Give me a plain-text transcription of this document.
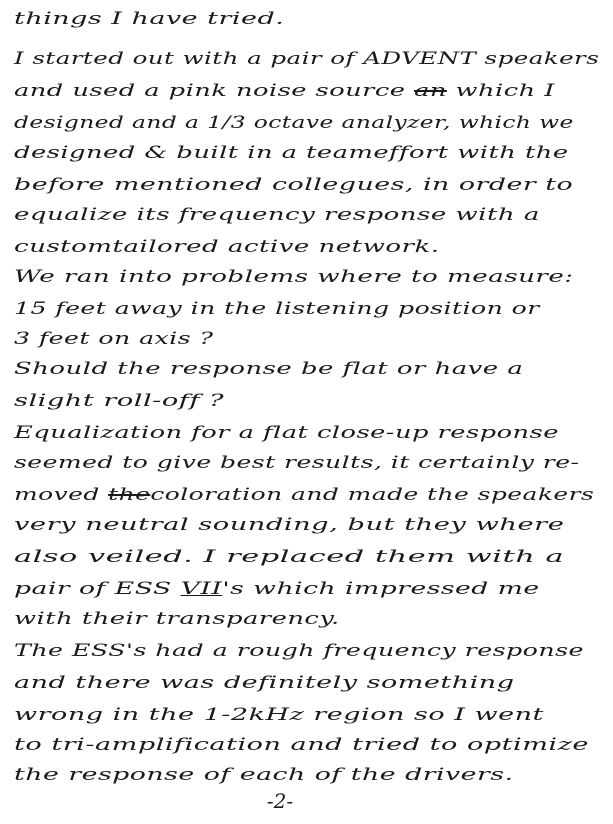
things I have tried.
I started out with a pair of ADVENT speakers
and used a pink noise source an which I
designed and a 1/3 octave analyzer, which we
designed & built in a teameffort with the
before mentioned collegues, in order to
equalize its frequency response with a
customtailored active network.
We ran into problems where to measure:
15 feet away in the listening position or
3 feet on axis ?
Should the response be flat or have a
slight roll-off ?
Equalization for a flat close-up response
seemed to give best results, it certainly re-
moved thecoloration and made the speakers
very neutral sounding, but they where
also veiled. I replaced them with a
pair of ESS VII's which impressed me
with their transparency.
The ESS's had a rough frequency response
and there was definitely something
wrong in the 1-2kHz region so I went
to tri-amplification and tried to optimize
the response of each of the drivers.
-2-
